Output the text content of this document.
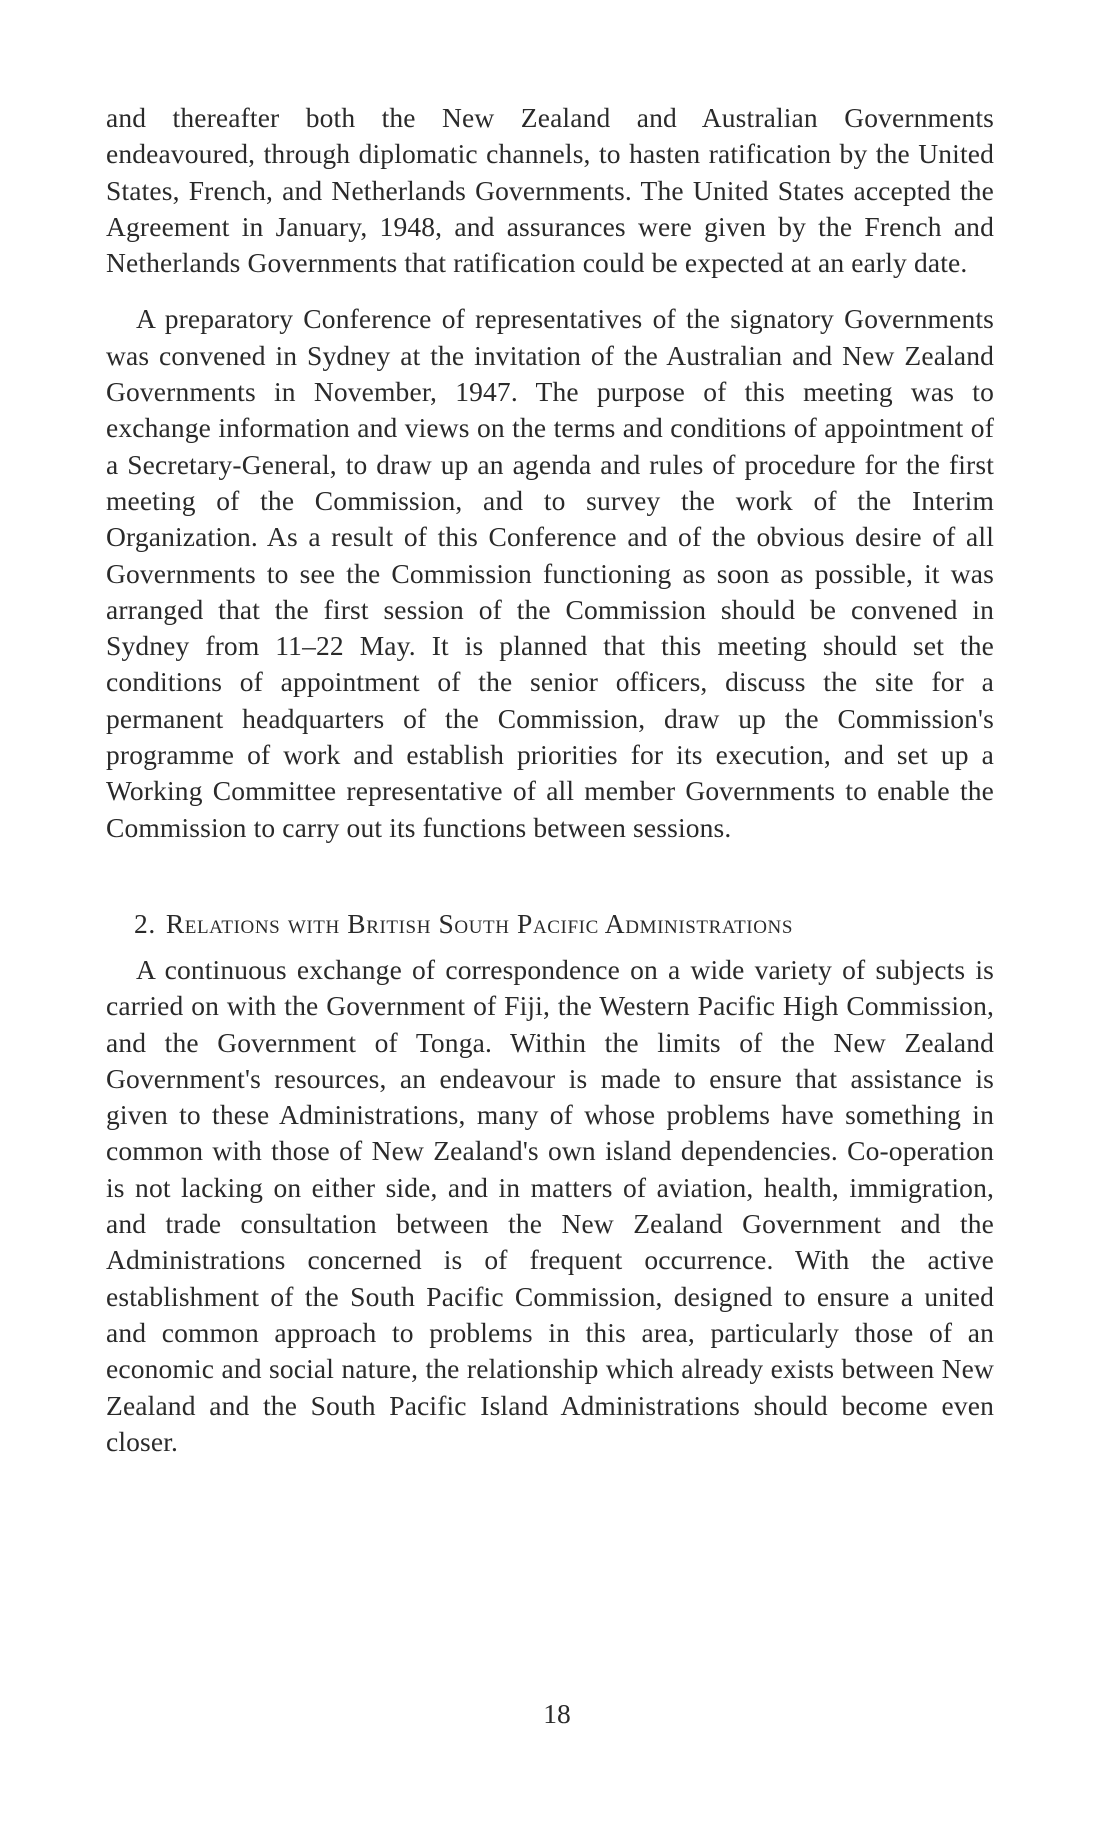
and thereafter both the New Zealand and Australian Governments endeavoured, through diplomatic channels, to hasten ratification by the United States, French, and Netherlands Governments. The United States accepted the Agreement in January, 1948, and assurances were given by the French and Netherlands Governments that ratification could be expected at an early date.

A preparatory Conference of representatives of the signatory Governments was convened in Sydney at the invitation of the Australian and New Zealand Governments in November, 1947. The purpose of this meeting was to exchange information and views on the terms and conditions of appointment of a Secretary-General, to draw up an agenda and rules of procedure for the first meeting of the Commission, and to survey the work of the Interim Organization. As a result of this Conference and of the obvious desire of all Governments to see the Commission functioning as soon as possible, it was arranged that the first session of the Commission should be convened in Sydney from 11–22 May. It is planned that this meeting should set the conditions of appointment of the senior officers, discuss the site for a permanent headquarters of the Commission, draw up the Commission's programme of work and establish priorities for its execution, and set up a Working Committee representative of all member Governments to enable the Commission to carry out its functions between sessions.

2. Relations with British South Pacific Administrations

A continuous exchange of correspondence on a wide variety of subjects is carried on with the Government of Fiji, the Western Pacific High Commission, and the Government of Tonga. Within the limits of the New Zealand Government's resources, an endeavour is made to ensure that assistance is given to these Administrations, many of whose problems have something in common with those of New Zealand's own island dependencies. Co-operation is not lacking on either side, and in matters of aviation, health, immigration, and trade consultation between the New Zealand Government and the Administrations concerned is of frequent occurrence. With the active establishment of the South Pacific Commission, designed to ensure a united and common approach to problems in this area, particularly those of an economic and social nature, the relationship which already exists between New Zealand and the South Pacific Island Administrations should become even closer.

18
